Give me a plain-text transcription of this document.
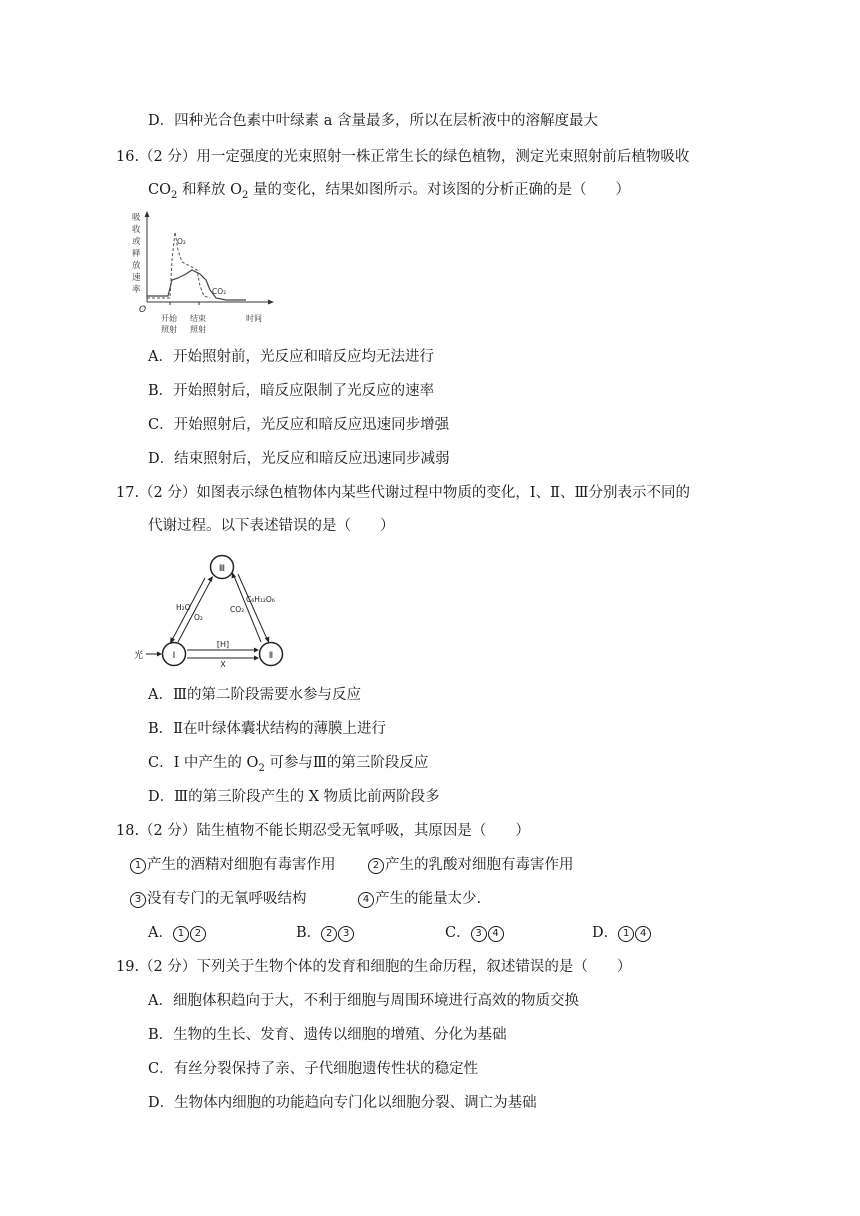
D．四种光合色素中叶绿素 a 含量最多，所以在层析液中的溶解度最大
16.（2 分）用一定强度的光束照射一株正常生长的绿色植物，测定光束照射前后植物吸收
$CO_2$ 和释放 $O_2$ 量的变化，结果如图所示。对该图的分析正确的是（　　）
吸
收
或
释
放
速
率
O
开始
照射
结束
照射
时间
O₂
CO₂
A．开始照射前，光反应和暗反应均无法进行
B．开始照射后，暗反应限制了光反应的速率
C．开始照射后，光反应和暗反应迅速同步增强
D．结束照射后，光反应和暗反应迅速同步减弱
17.（2 分）如图表示绿色植物体内某些代谢过程中物质的变化，I、Ⅱ、Ⅲ分别表示不同的
代谢过程。以下表述错误的是（　　）
Ⅲ
Ⅰ	Ⅱ
光
H₂O
O₂
CO₂
C₆H₁₂O₆
[H]
X
A．Ⅲ的第二阶段需要水参与反应
B．Ⅱ在叶绿体囊状结构的薄膜上进行
C．I 中产生的 $O_2$ 可参与Ⅲ的第三阶段反应
D．Ⅲ的第三阶段产生的 X 物质比前两阶段多
18.（2 分）陆生植物不能长期忍受无氧呼吸，其原因是（　　）
1 产生的酒精对细胞有毒害作用	2 产生的乳酸对细胞有毒害作用
3 没有专门的无氧呼吸结构	4 产生的能量太少.
A． 1 2	B． 2 3	C． 3 4	D． 1 4
19.（2 分）下列关于生物个体的发育和细胞的生命历程，叙述错误的是（　　）
A．细胞体积趋向于大，不利于细胞与周围环境进行高效的物质交换
B．生物的生长、发育、遗传以细胞的增殖、分化为基础
C．有丝分裂保持了亲、子代细胞遗传性状的稳定性
D．生物体内细胞的功能趋向专门化以细胞分裂、调亡为基础
